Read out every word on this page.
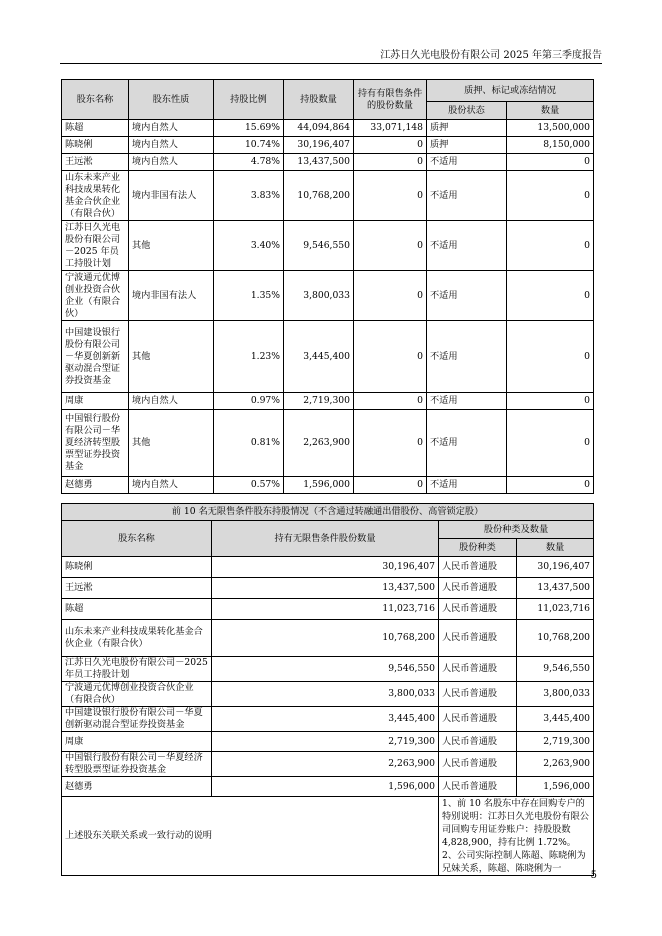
江苏日久光电股份有限公司 2025 年第三季度报告
股东名称	股东性质	持股比例	持股数量	持有有限售条件的股份数量	质押、标记或冻结情况	
					股份状态	数量
陈超	境内自然人	15.69%	44,094,864	33,071,148	质押	13,500,000
陈晓俐	境内自然人	10.74%	30,196,407	0	质押	8,150,000
王远淞	境内自然人	4.78%	13,437,500	0	不适用	0
山东未来产业科技成果转化基金合伙企业（有限合伙）	境内非国有法人	3.83%	10,768,200	0	不适用	0
江苏日久光电股份有限公司－2025 年员工持股计划	其他	3.40%	9,546,550	0	不适用	0
宁波通元优博创业投资合伙企业（有限合伙）	境内非国有法人	1.35%	3,800,033	0	不适用	0
中国建设银行股份有限公司－华夏创新新驱动混合型证券投资基金	其他	1.23%	3,445,400	0	不适用	0
周康	境内自然人	0.97%	2,719,300	0	不适用	0
中国银行股份有限公司－华夏经济转型股票型证券投资基金	其他	0.81%	2,263,900	0	不适用	0
赵德勇	境内自然人	0.57%	1,596,000	0	不适用	0
前 10 名无限售条件股东持股情况（不含通过转融通出借股份、高管锁定股）			
股东名称	持有无限售条件股份数量	股份种类及数量	
		股份种类	数量
陈晓俐	30,196,407	人民币普通股	30,196,407
王远淞	13,437,500	人民币普通股	13,437,500
陈超	11,023,716	人民币普通股	11,023,716
山东未来产业科技成果转化基金合伙企业（有限合伙）	10,768,200	人民币普通股	10,768,200
江苏日久光电股份有限公司－2025 年员工持股计划	9,546,550	人民币普通股	9,546,550
宁波通元优博创业投资合伙企业（有限合伙）	3,800,033	人民币普通股	3,800,033
中国建设银行股份有限公司－华夏创新驱动混合型证券投资基金	3,445,400	人民币普通股	3,445,400
周康	2,719,300	人民币普通股	2,719,300
中国银行股份有限公司－华夏经济转型股票型证券投资基金	2,263,900	人民币普通股	2,263,900
赵德勇	1,596,000	人民币普通股	1,596,000
上述股东关联关系或一致行动的说明		1、前 10 名股东中存在回购专户的特别说明：江苏日久光电股份有限公司回购专用证券账户：持股股数 4,828,900，持有比例 1.72%。
2、公司实际控制人陈超、陈晓俐为兄妹关系，陈超、陈晓俐为一	
5
